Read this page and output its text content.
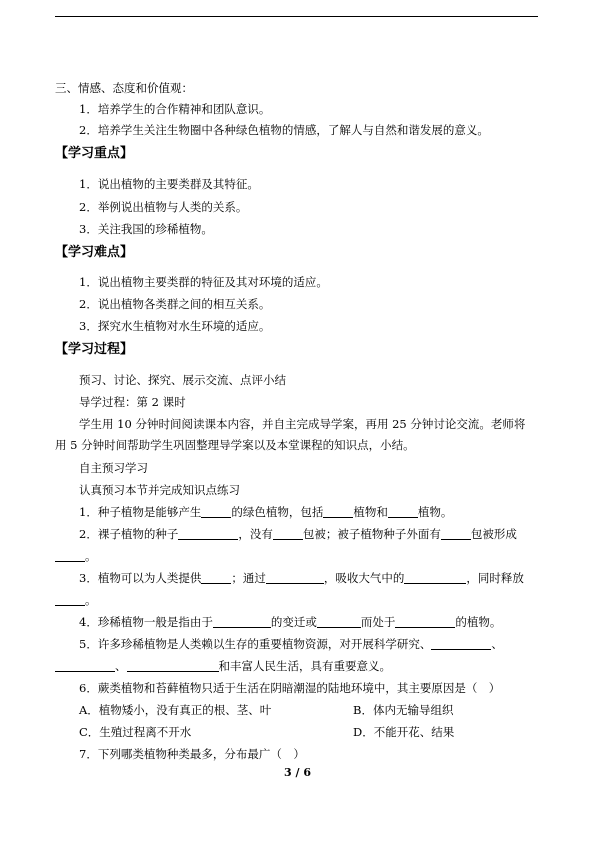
三、情感、态度和价值观：
1．培养学生的合作精神和团队意识。
2．培养学生关注生物圈中各种绿色植物的情感，了解人与自然和谐发展的意义。
【学习重点】
1．说出植物的主要类群及其特征。
2．举例说出植物与人类的关系。
3．关注我国的珍稀植物。
【学习难点】
1．说出植物主要类群的特征及其对环境的适应。
2．说出植物各类群之间的相互关系。
3．探究水生植物对水生环境的适应。
【学习过程】
预习、讨论、探究、展示交流、点评小结
导学过程：第 2 课时
学生用 10 分钟时间阅读课本内容，并自主完成导学案，再用 25 分钟讨论交流。老师将
用 5 分钟时间帮助学生巩固整理导学案以及本堂课程的知识点，小结。
自主预习学习
认真预习本节并完成知识点练习
1．种子植物是能够产生	的绿色植物，包括	植物和	植物。
2．裸子植物的种子	，没有	包被；被子植物种子外面有	包被形成
。
3．植物可以为人类提供	；通过	，吸收大气中的	，同时释放
。
4．珍稀植物一般是指由于	的变迁或	而处于	的植物。
5．许多珍稀植物是人类赖以生存的重要植物资源，对开展科学研究、	、
、	和丰富人民生活，具有重要意义。
6．蕨类植物和苔藓植物只适于生活在阴暗潮湿的陆地环境中，其主要原因是（　）
A．植物矮小，没有真正的根、茎、叶	B．体内无输导组织
C．生殖过程离不开水	D．不能开花、结果
7．下列哪类植物种类最多，分布最广（　）
3 / 6
